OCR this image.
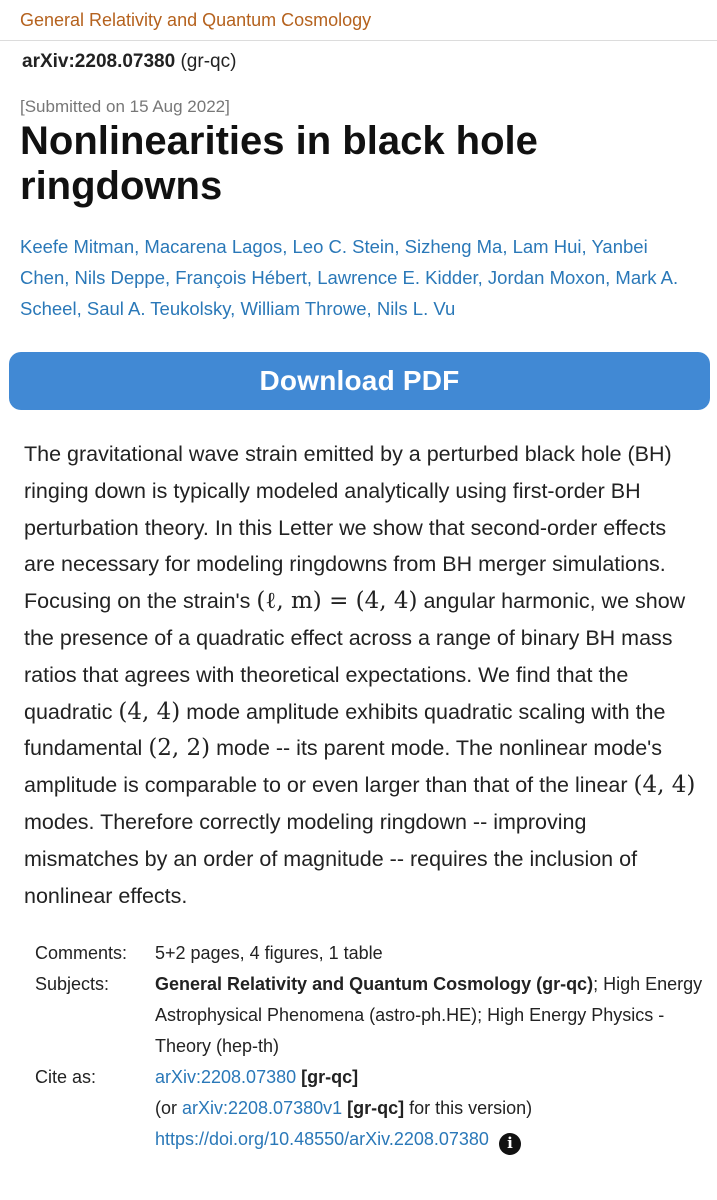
General Relativity and Quantum Cosmology
arXiv:2208.07380 (gr-qc)
[Submitted on 15 Aug 2022]
Nonlinearities in black hole ringdowns
Keefe Mitman, Macarena Lagos, Leo C. Stein, Sizheng Ma, Lam Hui, Yanbei Chen, Nils Deppe, François Hébert, Lawrence E. Kidder, Jordan Moxon, Mark A. Scheel, Saul A. Teukolsky, William Throwe, Nils L. Vu
Download PDF
The gravitational wave strain emitted by a perturbed black hole (BH) ringing down is typically modeled analytically using first-order BH perturbation theory. In this Letter we show that second-order effects are necessary for modeling ringdowns from BH merger simulations. Focusing on the strain's (ℓ, m) = (4, 4) angular harmonic, we show the presence of a quadratic effect across a range of binary BH mass ratios that agrees with theoretical expectations. We find that the quadratic (4, 4) mode amplitude exhibits quadratic scaling with the fundamental (2, 2) mode -- its parent mode. The nonlinear mode's amplitude is comparable to or even larger than that of the linear (4, 4) modes. Therefore correctly modeling ringdown -- improving mismatches by an order of magnitude -- requires the inclusion of nonlinear effects.
Comments:	5+2 pages, 4 figures, 1 table
Subjects:	General Relativity and Quantum Cosmology (gr-qc); High Energy Astrophysical Phenomena (astro-ph.HE); High Energy Physics - Theory (hep-th)
Cite as:	arXiv:2208.07380 [gr-qc]
(or arXiv:2208.07380v1 [gr-qc] for this version)
https://doi.org/10.48550/arXiv.2208.07380 i
